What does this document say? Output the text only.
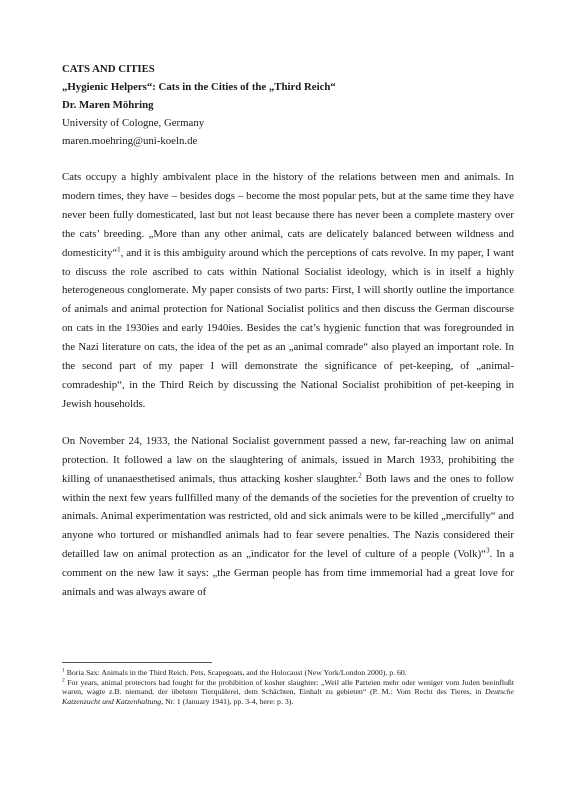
CATS AND CITIES
„Hygienic Helpers“: Cats in the Cities of the „Third Reich“
Dr. Maren Möhring
University of Cologne, Germany
maren.moehring@uni-koeln.de

Cats occupy a highly ambivalent place in the history of the relations between men and animals. In modern times, they have – besides dogs – become the most popular pets, but at the same time they have never been fully domesticated, last but not least because there has never been a complete mastery over the cats’ breeding. „More than any other animal, cats are delicately balanced between wildness and domesticity“$^1$, and it is this ambiguity around which the perceptions of cats revolve. In my paper, I want to discuss the role ascribed to cats within National Socialist ideology, which is in itself a highly heterogeneous conglomerate. My paper consists of two parts: First, I will shortly outline the importance of animals and animal protection for National Socialist politics and then discuss the German discourse on cats in the 1930ies and early 1940ies. Besides the cat’s hygienic function that was foregrounded in the Nazi literature on cats, the idea of the pet as an „animal comrade“ also played an important role. In the second part of my paper I will demonstrate the significance of pet-keeping, of „animal-comradeship“, in the Third Reich by discussing the National Socialist prohibition of pet-keeping in Jewish households.

On November 24, 1933, the National Socialist government passed a new, far-reaching law on animal protection. It followed a law on the slaughtering of animals, issued in March 1933, prohibiting the killing of unanaesthetised animals, thus attacking kosher slaughter.$^2$ Both laws and the ones to follow within the next few years fullfilled many of the demands of the societies for the prevention of cruelty to animals. Animal experimentation was restricted, old and sick animals were to be killed „mercifully“ and anyone who tortured or mishandled animals had to fear severe penalties. The Nazis considered their detailled law on animal protection as an „indicator for the level of culture of a people (Volk)“$^3$. In a comment on the new law it says: „the German people has from time immemorial had a great love for animals and was always aware of

$^1$ Boria Sax: Animals in the Third Reich. Pets, Scapegoats, and the Holocaust (New York/London 2000), p. 60.

$^2$ For years, animal protectors had fought for the prohibition of kosher slaughter: „Weil alle Parteien mehr oder weniger vom Juden beeinflußt waren, wagte z.B. niemand, der übelsten Tierquälerei, dem Schächten, Einhalt zu gebieten“ (P. M.: Vom Recht des Tieres, in Deutsche Katzenzucht und Katzenhaltung, Nr. 1 (January 1941), pp. 3-4, here: p. 3).
